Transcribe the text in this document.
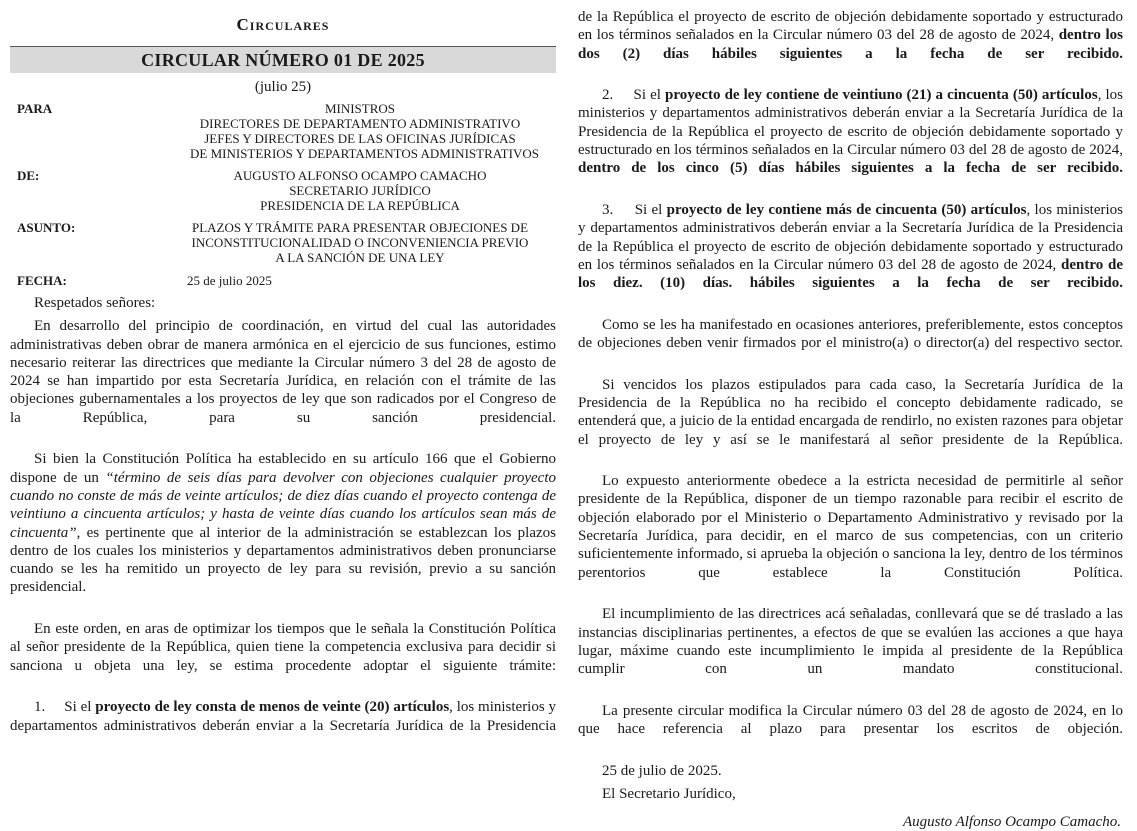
Circulares
CIRCULAR NÚMERO 01 DE 2025
(julio 25)
PARA	MINISTROS
DIRECTORES DE DEPARTAMENTO ADMINISTRATIVO
JEFES Y DIRECTORES DE LAS OFICINAS JURÍDICAS
DE MINISTERIOS Y DEPARTAMENTOS ADMINISTRATIVOS
DE:	AUGUSTO ALFONSO OCAMPO CAMACHO
SECRETARIO JURÍDICO
PRESIDENCIA DE LA REPÚBLICA
ASUNTO:	PLAZOS Y TRÁMITE PARA PRESENTAR OBJECIONES DE
INCONSTITUCIONALIDAD O INCONVENIENCIA PREVIO
A LA SANCIÓN DE UNA LEY
FECHA:	25 de julio 2025

Respetados señores:

En desarrollo del principio de coordinación, en virtud del cual las autoridades administrativas deben obrar de manera armónica en el ejercicio de sus funciones, estimo necesario reiterar las directrices que mediante la Circular número 3 del 28 de agosto de 2024 se han impartido por esta Secretaría Jurídica, en relación con el trámite de las objeciones gubernamentales a los proyectos de ley que son radicados por el Congreso de la República, para su sanción presidencial.

Si bien la Constitución Política ha establecido en su artículo 166 que el Gobierno dispone de un “término de seis días para devolver con objeciones cualquier proyecto cuando no conste de más de veinte artículos; de diez días cuando el proyecto contenga de veintiuno a cincuenta artículos; y hasta de veinte días cuando los artículos sean más de cincuenta”, es pertinente que al interior de la administración se establezcan los plazos dentro de los cuales los ministerios y departamentos administrativos deben pronunciarse cuando se les ha remitido un proyecto de ley para su revisión, previo a su sanción presidencial.

En este orden, en aras de optimizar los tiempos que le señala la Constitución Política al señor presidente de la República, quien tiene la competencia exclusiva para decidir si sanciona u objeta una ley, se estima procedente adoptar el siguiente trámite:

1. Si el proyecto de ley consta de menos de veinte (20) artículos, los ministerios y departamentos administrativos deberán enviar a la Secretaría Jurídica de la Presidencia

de la República el proyecto de escrito de objeción debidamente soportado y estructurado en los términos señalados en la Circular número 03 del 28 de agosto de 2024, dentro los dos (2) días hábiles siguientes a la fecha de ser recibido.

2. Si el proyecto de ley contiene de veintiuno (21) a cincuenta (50) artículos, los ministerios y departamentos administrativos deberán enviar a la Secretaría Jurídica de la Presidencia de la República el proyecto de escrito de objeción debidamente soportado y estructurado en los términos señalados en la Circular número 03 del 28 de agosto de 2024, dentro de los cinco (5) días hábiles siguientes a la fecha de ser recibido.

3. Si el proyecto de ley contiene más de cincuenta (50) artículos, los ministerios y departamentos administrativos deberán enviar a la Secretaría Jurídica de la Presidencia de la República el proyecto de escrito de objeción debidamente soportado y estructurado en los términos señalados en la Circular número 03 del 28 de agosto de 2024, dentro de los diez. (10) días. hábiles siguientes a la fecha de ser recibido.

Como se les ha manifestado en ocasiones anteriores, preferiblemente, estos conceptos de objeciones deben venir firmados por el ministro(a) o director(a) del respectivo sector.

Si vencidos los plazos estipulados para cada caso, la Secretaría Jurídica de la Presidencia de la República no ha recibido el concepto debidamente radicado, se entenderá que, a juicio de la entidad encargada de rendirlo, no existen razones para objetar el proyecto de ley y así se le manifestará al señor presidente de la República.

Lo expuesto anteriormente obedece a la estricta necesidad de permitirle al señor presidente de la República, disponer de un tiempo razonable para recibir el escrito de objeción elaborado por el Ministerio o Departamento Administrativo y revisado por la Secretaría Jurídica, para decidir, en el marco de sus competencias, con un criterio suficientemente informado, si aprueba la objeción o sanciona la ley, dentro de los términos perentorios que establece la Constitución Política.

El incumplimiento de las directrices acá señaladas, conllevará que se dé traslado a las instancias disciplinarias pertinentes, a efectos de que se evalúen las acciones a que haya lugar, máxime cuando este incumplimiento le impida al presidente de la República cumplir con un mandato constitucional.

La presente circular modifica la Circular número 03 del 28 de agosto de 2024, en lo que hace referencia al plazo para presentar los escritos de objeción.

25 de julio de 2025.

El Secretario Jurídico,

Augusto Alfonso Ocampo Camacho.
